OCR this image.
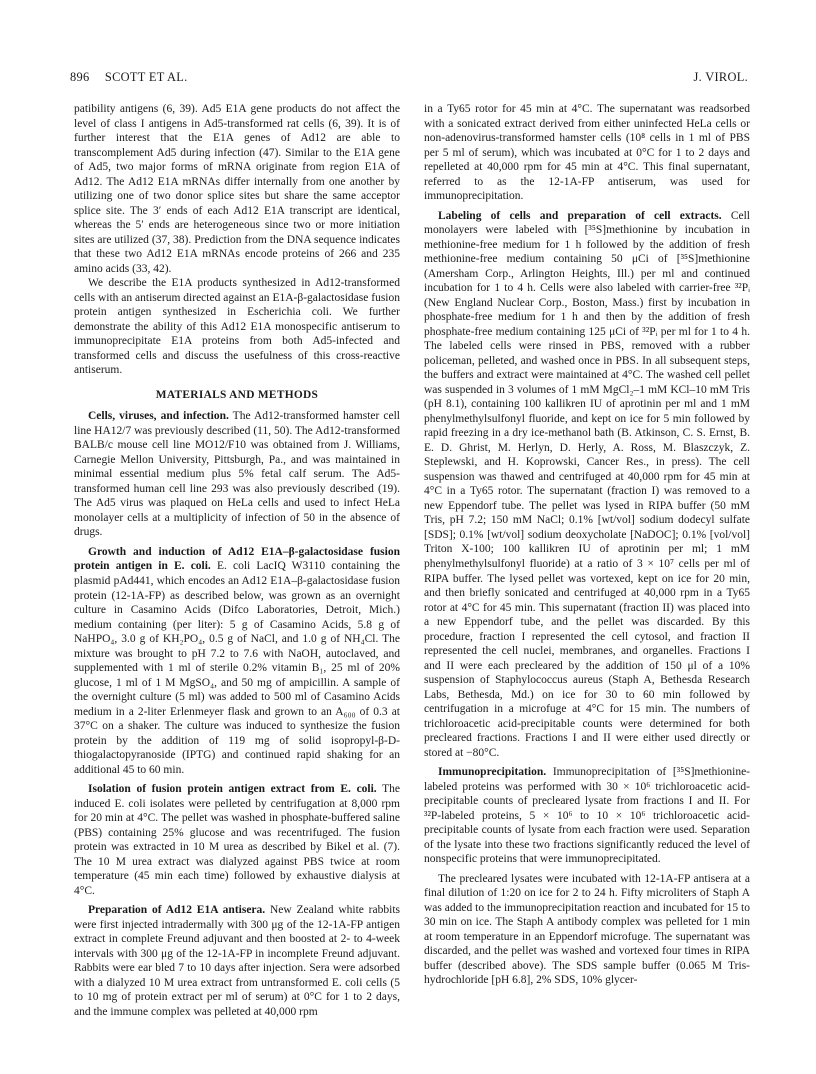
896 SCOTT ET AL.	J. VIROL.

patibility antigens (6, 39). Ad5 E1A gene products do not affect the level of class I antigens in Ad5-transformed rat cells (6, 39). It is of further interest that the E1A genes of Ad12 are able to transcomplement Ad5 during infection (47). Similar to the E1A gene of Ad5, two major forms of mRNA originate from region E1A of Ad12. The Ad12 E1A mRNAs differ internally from one another by utilizing one of two donor splice sites but share the same acceptor splice site. The 3′ ends of each Ad12 E1A transcript are identical, whereas the 5′ ends are heterogeneous since two or more initiation sites are utilized (37, 38). Prediction from the DNA sequence indicates that these two Ad12 E1A mRNAs encode proteins of 266 and 235 amino acids (33, 42).

We describe the E1A products synthesized in Ad12-transformed cells with an antiserum directed against an E1A-β-galactosidase fusion protein antigen synthesized in Escherichia coli. We further demonstrate the ability of this Ad12 E1A monospecific antiserum to immunoprecipitate E1A proteins from both Ad5-infected and transformed cells and discuss the usefulness of this cross-reactive antiserum.

MATERIALS AND METHODS

Cells, viruses, and infection. The Ad12-transformed hamster cell line HA12/7 was previously described (11, 50). The Ad12-transformed BALB/c mouse cell line MO12/F10 was obtained from J. Williams, Carnegie Mellon University, Pittsburgh, Pa., and was maintained in minimal essential medium plus 5% fetal calf serum. The Ad5-transformed human cell line 293 was also previously described (19). The Ad5 virus was plaqued on HeLa cells and used to infect HeLa monolayer cells at a multiplicity of infection of 50 in the absence of drugs.

Growth and induction of Ad12 E1A–β-galactosidase fusion protein antigen in E. coli. E. coli LacIQ W3110 containing the plasmid pAd441, which encodes an Ad12 E1A–β-galactosidase fusion protein (12-1A-FP) as described below, was grown as an overnight culture in Casamino Acids (Difco Laboratories, Detroit, Mich.) medium containing (per liter): 5 g of Casamino Acids, 5.8 g of NaHPO₄, 3.0 g of KH₂PO₄, 0.5 g of NaCl, and 1.0 g of NH₄Cl. The mixture was brought to pH 7.2 to 7.6 with NaOH, autoclaved, and supplemented with 1 ml of sterile 0.2% vitamin B₁, 25 ml of 20% glucose, 1 ml of 1 M MgSO₄, and 50 mg of ampicillin. A sample of the overnight culture (5 ml) was added to 500 ml of Casamino Acids medium in a 2-liter Erlenmeyer flask and grown to an A₆₀₀ of 0.3 at 37°C on a shaker. The culture was induced to synthesize the fusion protein by the addition of 119 mg of solid isopropyl-β-D-thiogalactopyranoside (IPTG) and continued rapid shaking for an additional 45 to 60 min.

Isolation of fusion protein antigen extract from E. coli. The induced E. coli isolates were pelleted by centrifugation at 8,000 rpm for 20 min at 4°C. The pellet was washed in phosphate-buffered saline (PBS) containing 25% glucose and was recentrifuged. The fusion protein was extracted in 10 M urea as described by Bikel et al. (7). The 10 M urea extract was dialyzed against PBS twice at room temperature (45 min each time) followed by exhaustive dialysis at 4°C.

Preparation of Ad12 E1A antisera. New Zealand white rabbits were first injected intradermally with 300 μg of the 12-1A-FP antigen extract in complete Freund adjuvant and then boosted at 2- to 4-week intervals with 300 μg of the 12-1A-FP in incomplete Freund adjuvant. Rabbits were ear bled 7 to 10 days after injection. Sera were adsorbed with a dialyzed 10 M urea extract from untransformed E. coli cells (5 to 10 mg of protein extract per ml of serum) at 0°C for 1 to 2 days, and the immune complex was pelleted at 40,000 rpm

in a Ty65 rotor for 45 min at 4°C. The supernatant was readsorbed with a sonicated extract derived from either uninfected HeLa cells or non-adenovirus-transformed hamster cells (10⁸ cells in 1 ml of PBS per 5 ml of serum), which was incubated at 0°C for 1 to 2 days and repelleted at 40,000 rpm for 45 min at 4°C. This final supernatant, referred to as the 12-1A-FP antiserum, was used for immunoprecipitation.

Labeling of cells and preparation of cell extracts. Cell monolayers were labeled with [³⁵S]methionine by incubation in methionine-free medium for 1 h followed by the addition of fresh methionine-free medium containing 50 μCi of [³⁵S]methionine (Amersham Corp., Arlington Heights, Ill.) per ml and continued incubation for 1 to 4 h. Cells were also labeled with carrier-free ³²Pᵢ (New England Nuclear Corp., Boston, Mass.) first by incubation in phosphate-free medium for 1 h and then by the addition of fresh phosphate-free medium containing 125 μCi of ³²Pᵢ per ml for 1 to 4 h. The labeled cells were rinsed in PBS, removed with a rubber policeman, pelleted, and washed once in PBS. In all subsequent steps, the buffers and extract were maintained at 4°C. The washed cell pellet was suspended in 3 volumes of 1 mM MgCl₂–1 mM KCl–10 mM Tris (pH 8.1), containing 100 kallikren IU of aprotinin per ml and 1 mM phenylmethylsulfonyl fluoride, and kept on ice for 5 min followed by rapid freezing in a dry ice-methanol bath (B. Atkinson, C. S. Ernst, B. E. D. Ghrist, M. Herlyn, D. Herly, A. Ross, M. Blaszczyk, Z. Steplewski, and H. Koprowski, Cancer Res., in press). The cell suspension was thawed and centrifuged at 40,000 rpm for 45 min at 4°C in a Ty65 rotor. The supernatant (fraction I) was removed to a new Eppendorf tube. The pellet was lysed in RIPA buffer (50 mM Tris, pH 7.2; 150 mM NaCl; 0.1% [wt/vol] sodium dodecyl sulfate [SDS]; 0.1% [wt/vol] sodium deoxycholate [NaDOC]; 0.1% [vol/vol] Triton X-100; 100 kallikren IU of aprotinin per ml; 1 mM phenylmethylsulfonyl fluoride) at a ratio of 3 × 10⁷ cells per ml of RIPA buffer. The lysed pellet was vortexed, kept on ice for 20 min, and then briefly sonicated and centrifuged at 40,000 rpm in a Ty65 rotor at 4°C for 45 min. This supernatant (fraction II) was placed into a new Eppendorf tube, and the pellet was discarded. By this procedure, fraction I represented the cell cytosol, and fraction II represented the cell nuclei, membranes, and organelles. Fractions I and II were each precleared by the addition of 150 μl of a 10% suspension of Staphylococcus aureus (Staph A, Bethesda Research Labs, Bethesda, Md.) on ice for 30 to 60 min followed by centrifugation in a microfuge at 4°C for 15 min. The numbers of trichloroacetic acid-precipitable counts were determined for both precleared fractions. Fractions I and II were either used directly or stored at −80°C.

Immunoprecipitation. Immunoprecipitation of [³⁵S]methionine-labeled proteins was performed with 30 × 10⁶ trichloroacetic acid-precipitable counts of precleared lysate from fractions I and II. For ³²P-labeled proteins, 5 × 10⁶ to 10 × 10⁶ trichloroacetic acid-precipitable counts of lysate from each fraction were used. Separation of the lysate into these two fractions significantly reduced the level of nonspecific proteins that were immunoprecipitated.

The precleared lysates were incubated with 12-1A-FP antisera at a final dilution of 1:20 on ice for 2 to 24 h. Fifty microliters of Staph A was added to the immunoprecipitation reaction and incubated for 15 to 30 min on ice. The Staph A antibody complex was pelleted for 1 min at room temperature in an Eppendorf microfuge. The supernatant was discarded, and the pellet was washed and vortexed four times in RIPA buffer (described above). The SDS sample buffer (0.065 M Tris-hydrochloride [pH 6.8], 2% SDS, 10% glycer-
